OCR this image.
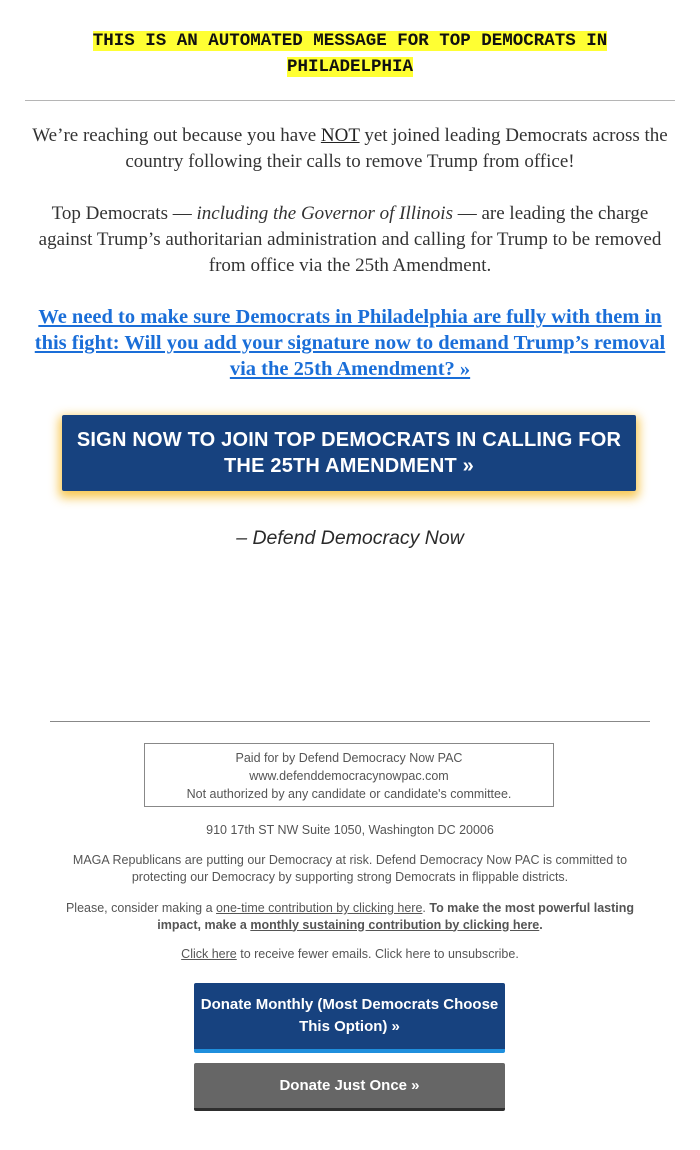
THIS IS AN AUTOMATED MESSAGE FOR TOP DEMOCRATS IN PHILADELPHIA
We’re reaching out because you have NOT yet joined leading Democrats across the country following their calls to remove Trump from office!
Top Democrats — including the Governor of Illinois — are leading the charge against Trump’s authoritarian administration and calling for Trump to be removed from office via the 25th Amendment.
We need to make sure Democrats in Philadelphia are fully with them in this fight: Will you add your signature now to demand Trump’s removal via the 25th Amendment? »
SIGN NOW TO JOIN TOP DEMOCRATS IN CALLING FOR THE 25TH AMENDMENT »
– Defend Democracy Now
Paid for by Defend Democracy Now PAC
www.defenddemocracynowpac.com
Not authorized by any candidate or candidate's committee.
910 17th ST NW Suite 1050, Washington DC 20006
MAGA Republicans are putting our Democracy at risk. Defend Democracy Now PAC is committed to protecting our Democracy by supporting strong Democrats in flippable districts.
Please, consider making a one-time contribution by clicking here. To make the most powerful lasting impact, make a monthly sustaining contribution by clicking here.
Click here to receive fewer emails. Click here to unsubscribe.
Donate Monthly (Most Democrats Choose This Option) »
Donate Just Once »
